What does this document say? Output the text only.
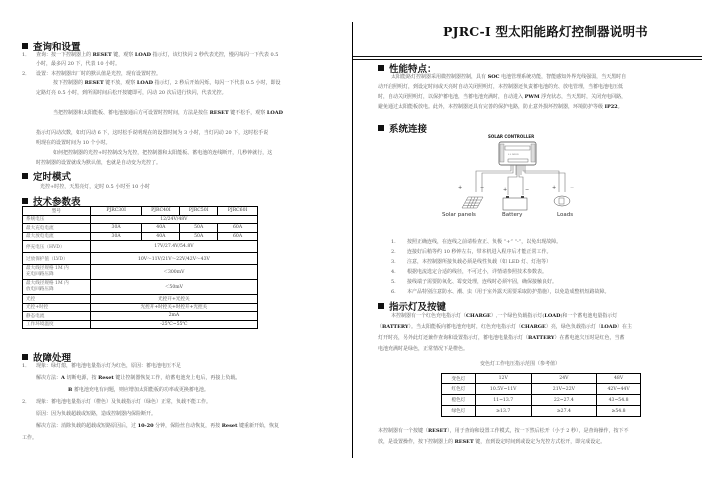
查询和设置
1． 查询：按一下控制器上的 RESET 键，观察 LOAD 指示灯，该灯快闪 2 秒代表光控，慢闪每闪一下代表 0.5
小时，最多闪 20 下，代表 10 小时。
2． 设置：本控制器出厂时的默认值是光控，现有设置时控。
按下控制器的 RESET 键不放，观察 LOAD 指示灯，2 秒后开始闪烁，每闪一下代表 0.5 小时，即设
定路灯亮 0.5 小时，到所需时间后松开按键即可，闪动 20 次后进行快闪，代表光控。
当把控制器和太阳能板、蓄电池接通后方可设置时控时间，方法是按住 RESET 键不松手，观察 LOAD
指示灯闪动次数，如灯闪动 6 下，这时松手说明现在的设置时间为 3 小时，当灯闪动 20 下，这时松手说
明现在的设置时间为 10 个小时。
如何把控制器的光控+时控制改为光控，把控制器和太阳能板、蓄电池的连线断开，几秒钟就行，这
时控制器的设置就成为默认值，也就是自动变为光控了。
定时模式
光控+时控，天黑亮灯，定时 0.5 小时至 10 小时
技术参数表
型号	PJRC30I	PJRC40I	PJRC50I	PJRC60I
系统电压	12/24V/48V			
最大充电电流	30A	40A	50A	60A
最大放电电流	30A	40A	50A	60A
停充电压（HVD）	17V/27.4V/54.8V			
过放保护值（LVD）	10V～11V/21V～22V/42V～43V			
最大线径规格 1M 内
充电回路压降	＜300mV			
最大线径规格 1M 内
放电回路压降	＜50mV			
光控	光控开+光控关			
光控+时控	光控开+时控关+时控开+光控关			
静态电流	2mA			
工作环境温度	-25℃~55℃			
故障处理
1． 现象：绿灯熄，蓄电池电量指示灯为红色，原因：蓄电池电压不足
解决方法：A 切断电源，按 Reset 键让控制器恢复工作，给蓄电池充上电后，再接上负载。
B 蓄电池充电有问题，则应增加太阳能板的功率或更换蓄电池。
2． 现象：蓄电池电量指示灯（橙色）及负载指示灯（绿色）正常，负载不能工作。
原因：因为负载超载或短路，造成控制器内保险断开。
解决方法：消除负载的超载或短路原因后，过 10-20 分钟，保险丝自动恢复，再按 Reset 键重新开始，恢复
工作。
PJRC-I 型太阳能路灯控制器说明书
性能特点：
太阳能路灯控制器采用微控制器控制，具有 SOC 电池管理系统功能，智能感知外界光线强弱，当天黑时自
动开启照明灯，到设定时间或天亮时自动关闭照明灯，本控制器还负责蓄电池的充、放电管理，当蓄电池电压低
时，自动关闭照明灯，以保护蓄电池，当蓄电池充满时，自动进入 PWM 浮充状态，当天黑时，关闭充电回路，
避免通过太阳能板放电。此外，本控制器还具有完善的保护电路，防止意外损坏控制器，环境防护等级 IP22。
系统连接
SOLAR CONTROLLER
•• ▫▫▫▫
+	−	+	−	+	−
Solar panels	Battery	Loads
1. 按照正确连线，在连线之前请检查正、负极 “+” “-”，以免出现故障。
2. 连接好后稍等约 10 秒钟左右，带本机进入程序后才能正常工作。
3. 注意，本控制器所接负载必须是线性负载（如 LED 灯、灯泡等）
4. 根据电流选定合适的线径，不可过小，详情请参照技术参数表。
5. 接线端子需要防氧化、霉变处理，连线时必须牢固，确保接触良好。
6. 本产品特别注意防水、潮、虫（用于室外露天需要采取防护措施），以免造成整机短路故障。
指示灯及按键
本控制器有一个红色充电指示灯（CHARGE）,一个绿色负载指示灯(LOAD)和一个蓄电池电量指示灯
（BATTERY）。当太阳能板向蓄电池充电时，红色充电指示灯（CHARGE）亮，绿色负载指示灯（LOAD）在主
灯开时亮，另外此灯还兼作查询和设置指示灯，蓄电池电量指示灯（BATTERY）在蓄电池欠压时是红色，当蓄
电池充满时是绿色，正常情况下是橙色。
变色灯工作电压指示范围（参考值）
变色灯	12V	24V	48V
红色灯	10.5V~11V	21V~22V	42V~44V
橙色灯	11~13.7	22~27.4	43~54.8
绿色灯	≥13.7	≥27.4	≥54.8
本控制器有一个按键（RESET），用于查询和设置工作模式，按一下然后松开（小于 2 秒），是查询操作，按下不
放，是设置操作，按下控制器上的 RESET 键，直到设定时间到或设定为光控方式松开，即完成设定。
